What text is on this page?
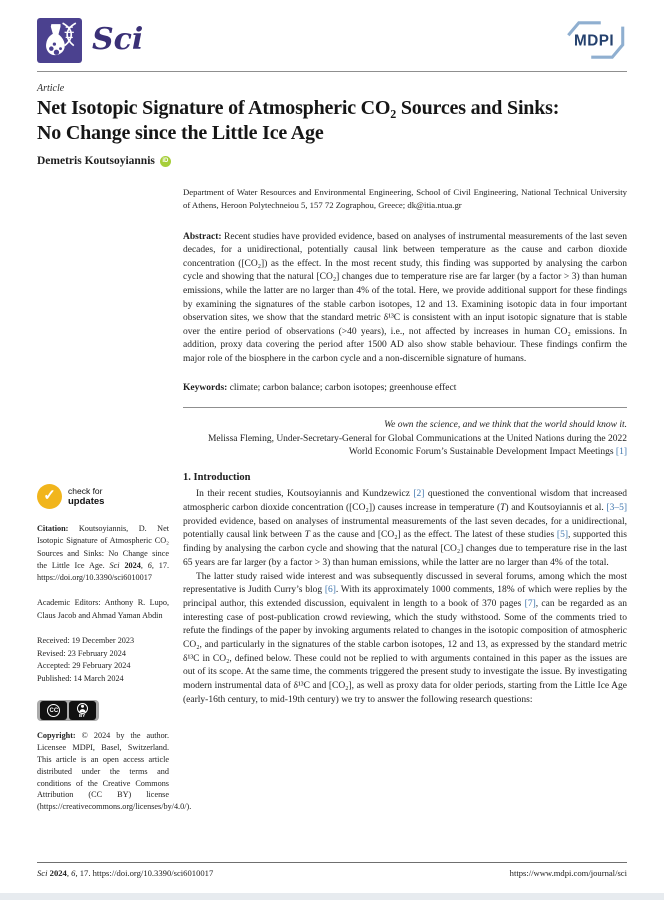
Sci	MDPI
Article
Net Isotopic Signature of Atmospheric CO₂ Sources and Sinks:
No Change since the Little Ice Age
Demetris Koutsoyiannis	iD
✓	check for
updates
Citation: Koutsoyiannis, D. Net Isotopic Signature of Atmospheric CO₂ Sources and Sinks: No Change since the Little Ice Age. Sci 2024, 6, 17. https://doi.org/10.3390/sci6010017
Academic Editors: Anthony R. Lupo, Claus Jacob and Ahmad Yaman Abdin
Received: 19 December 2023
Revised: 23 February 2024
Accepted: 29 February 2024
Published: 14 March 2024
CC
BY
Copyright: © 2024 by the author. Licensee MDPI, Basel, Switzerland. This article is an open access article distributed under the terms and conditions of the Creative Commons Attribution (CC BY) license (https://creativecommons.org/licenses/by/4.0/).
Department of Water Resources and Environmental Engineering, School of Civil Engineering, National Technical University of Athens, Heroon Polytechneiou 5, 157 72 Zographou, Greece; dk@itia.ntua.gr

Abstract: Recent studies have provided evidence, based on analyses of instrumental measurements of the last seven decades, for a unidirectional, potentially causal link between temperature as the cause and carbon dioxide concentration ([CO₂]) as the effect. In the most recent study, this finding was supported by analysing the carbon cycle and showing that the natural [CO₂] changes due to temperature rise are far larger (by a factor > 3) than human emissions, while the latter are no larger than 4% of the total. Here, we provide additional support for these findings by examining the signatures of the stable carbon isotopes, 12 and 13. Examining isotopic data in four important observation sites, we show that the standard metric δ¹³C is consistent with an input isotopic signature that is stable over the entire period of observations (>40 years), i.e., not affected by increases in human CO₂ emissions. In addition, proxy data covering the period after 1500 AD also show stable behaviour. These findings confirm the major role of the biosphere in the carbon cycle and a non-discernible signature of humans.

Keywords: climate; carbon balance; carbon isotopes; greenhouse effect

We own the science, and we think that the world should know it.
Melissa Fleming, Under-Secretary-General for Global Communications at the United Nations during the 2022 World Economic Forum’s Sustainable Development Impact Meetings [1]
1. Introduction

In their recent studies, Koutsoyiannis and Kundzewicz [2] questioned the conventional wisdom that increased atmospheric carbon dioxide concentration ([CO₂]) causes increase in temperature (T) and Koutsoyiannis et al. [3–5] provided evidence, based on analyses of instrumental measurements of the last seven decades, for a unidirectional, potentially causal link between T as the cause and [CO₂] as the effect. The latest of these studies [5], supported this finding by analysing the carbon cycle and showing that the natural [CO₂] changes due to temperature rise in the last 65 years are far larger (by a factor > 3) than human emissions, while the latter are no larger than 4% of the total.

The latter study raised wide interest and was subsequently discussed in several forums, among which the most representative is Judith Curry’s blog [6]. With its approximately 1000 comments, 18% of which were replies by the principal author, this extended discussion, equivalent in length to a book of 370 pages [7], can be regarded as an interesting case of post-publication crowd reviewing, which the study withstood. Some of the comments tried to refute the findings of the paper by invoking arguments related to changes in the isotopic composition of atmospheric CO₂, and particularly in the signatures of the stable carbon isotopes, 12 and 13, as expressed by the standard metric δ¹³C in CO₂, defined below. These could not be replied to with arguments contained in this paper as the issues are out of its scope. At the same time, the comments triggered the present study to investigate the issue. By investigating modern instrumental data of δ¹³C and [CO₂], as well as proxy data for older periods, starting from the Little Ice Age (early-16th century, to mid-19th century) we try to answer the following research questions:

Sci 2024, 6, 17. https://doi.org/10.3390/sci6010017	https://www.mdpi.com/journal/sci
